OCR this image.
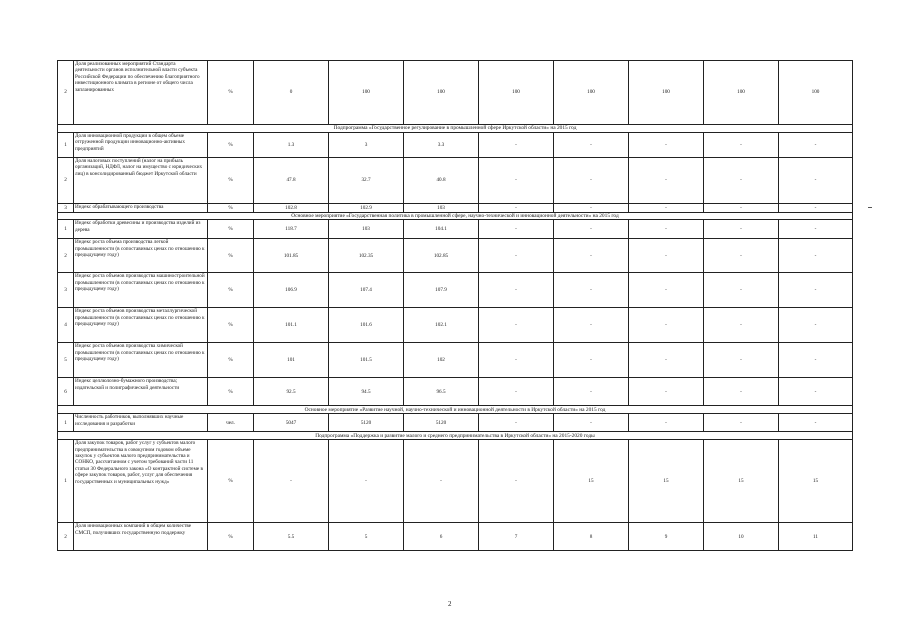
2	Доля реализованных мероприятий Стандарта деятельности органов исполнительной власти субъекта Российской Федерации по обеспечению благоприятного инвестиционного климата в регионе от общего числа запланированных	%	0	100	100	100	100	100	100	100
Подпрограмма «Государственное регулирование в промышленной сфере Иркутской области» на 2015 год										
1	Доля инновационной продукции в общем объеме отгруженной продукции инновационно-активных предприятий	%	1.3	3	3.3	-	-	-	-	-
2	Доля налоговых поступлений (налог на прибыль организаций, НДФЛ, налог на имущество с юридических лиц) в консолидированный бюджет Иркутской области	%	47.8	32.7	40.8	-	-	-	-	-
3	Индекс обрабатывающего производства	%	102.8	102.9	103	-	-	-	-	-
Основное мероприятие «Государственная политика в промышленной сфере, научно-технической и инновационной деятельности» на 2015 год										
1	Индекс обработки древесины и производства изделий из дерева	%	118.7	103	104.1	-	-	-	-	-
2	Индекс роста объема производства легкой промышленности (в сопоставимых ценах по отношению к предыдущему году)	%	101.85	102.35	102.85	-	-	-	-	-
3	Индекс роста объемов производства машиностроительной промышленности (в сопоставимых ценах по отношению к предыдущему году)	%	106.9	107.4	107.9	-	-	-	-	-
4	Индекс роста объемов производства металлургической промышленности (в сопоставимых ценах по отношению к предыдущему году)	%	101.1	101.6	102.1	-	-	-	-	-
5	Индекс роста объемов производства химической промышленности (в сопоставимых ценах по отношению к предыдущему году)	%	101	101.5	102	-	-	-	-	-
6	Индекс целлюлозно-бумажного производства; издательской и полиграфической деятельности	%	92.5	94.5	96.5	-	-	-	-	-
Основное мероприятие «Развитие научной, научно-технической и инновационной деятельности в Иркутской области» на 2015 год										
1	Численность работников, выполнявших научные исследования и разработки	чел.	5047	5120	5120	-	-	-	-	-
Подпрограмма «Поддержка и развитие малого и среднего предпринимательства в Иркутской области» на 2015-2020 годы										
1	Доля закупок товаров, работ услуг у субъектов малого предпринимательства в совокупном годовом объеме закупок у субъектов малого предпринимательства и СОНКО, рассчитанном с учетом требований части 11 статьи 30 Федерального закона «О контрактной системе в сфере закупок товаров, работ, услуг для обеспечения государственных и муниципальных нужд»	%	-	-	-	-	15	15	15	15
2	Доля инновационных компаний в общем количестве СМСП, получивших государственную поддержку	%	5.5	5	6	7	8	9	10	11
2
